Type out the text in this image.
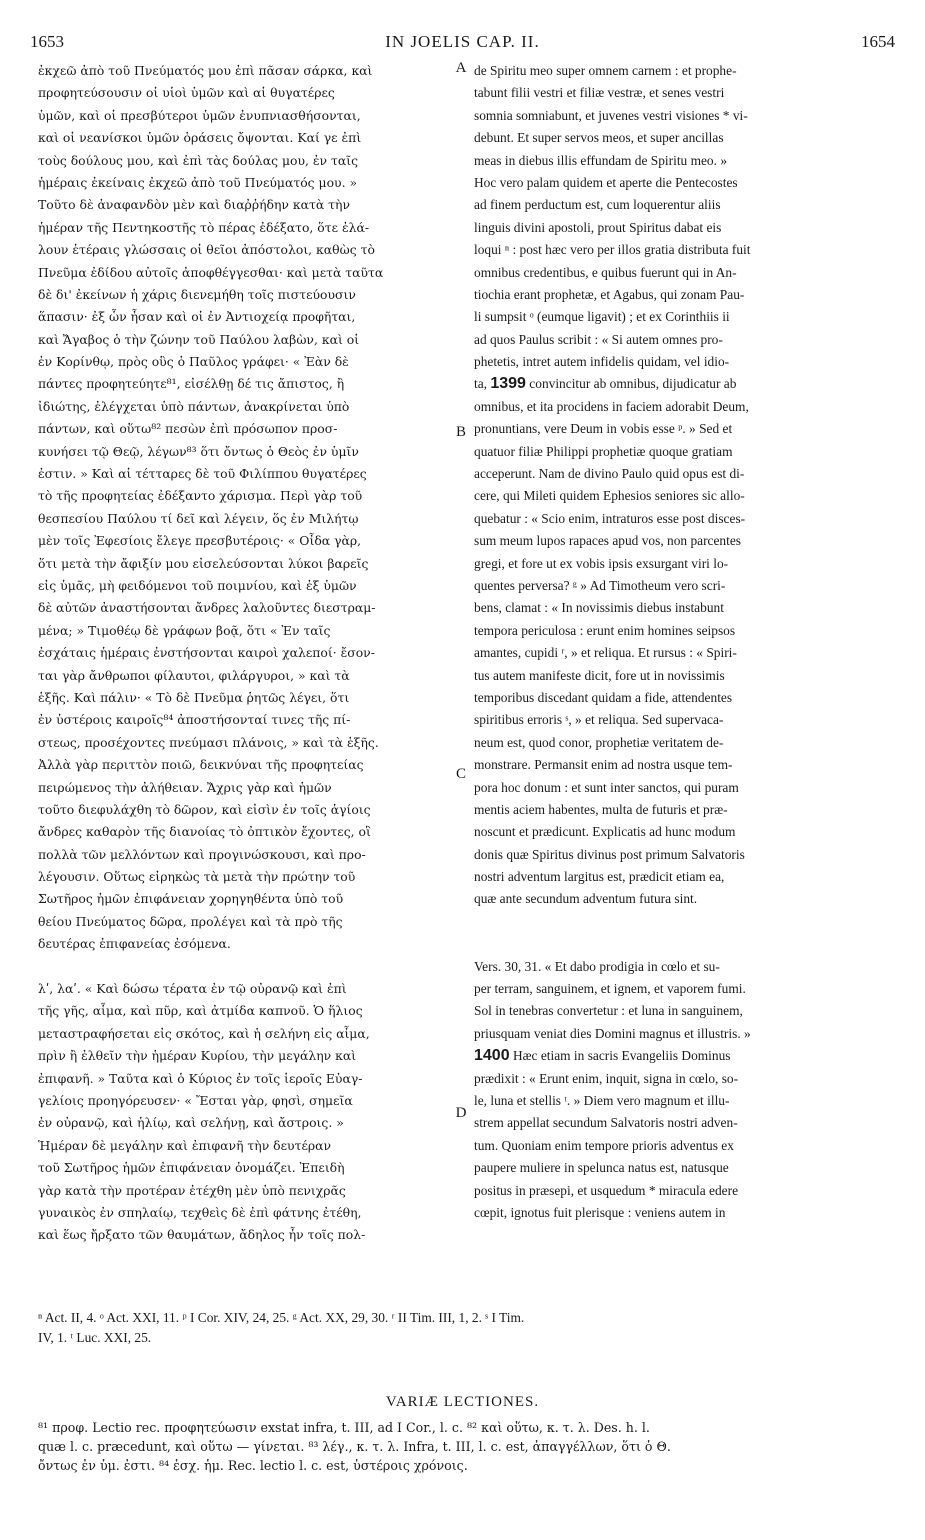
1653	IN JOELIS CAP. II.	1654
ἐκχεῶ ἀπὸ τοῦ Πνεύματός μου ἐπὶ πᾶσαν σάρκα, καὶ
προφητεύσουσιν οἱ υἱοὶ ὑμῶν καὶ αἱ θυγατέρες
ὑμῶν, καὶ οἱ πρεσβύτεροι ὑμῶν ἐνυπνιασθήσονται,
καὶ οἱ νεανίσκοι ὑμῶν ὁράσεις ὄψονται. Καί γε ἐπὶ
τοὺς δούλους μου, καὶ ἐπὶ τὰς δούλας μου, ἐν ταῖς
ἡμέραις ἐκείναις ἐκχεῶ ἀπὸ τοῦ Πνεύματός μου. »
Τοῦτο δὲ ἀναφανδὸν μὲν καὶ διαῤῥήδην κατὰ τὴν
ἡμέραν τῆς Πεντηκοστῆς τὸ πέρας ἐδέξατο, ὅτε ἐλά-
λουν ἑτέραις γλώσσαις οἱ θεῖοι ἀπόστολοι, καθὼς τὸ
Πνεῦμα ἐδίδου αὐτοῖς ἀποφθέγγεσθαι· καὶ μετὰ ταῦτα
δὲ δι' ἐκείνων ἡ χάρις διενεμήθη τοῖς πιστεύουσιν
ἅπασιν· ἐξ ὧν ἦσαν καὶ οἱ ἐν Ἀντιοχείᾳ προφῆται,
καὶ Ἄγαβος ὁ τὴν ζώνην τοῦ Παύλου λαβὼν, καὶ οἱ
ἐν Κορίνθῳ, πρὸς οὓς ὁ Παῦλος γράφει· « Ἐὰν δὲ
πάντες προφητεύητε⁸¹, εἰσέλθῃ δέ τις ἄπιστος, ἢ
ἰδιώτης, ἐλέγχεται ὑπὸ πάντων, ἀνακρίνεται ὑπὸ
πάντων, καὶ οὕτω⁸² πεσὼν ἐπὶ πρόσωπον προσ-
κυνήσει τῷ Θεῷ, λέγων⁸³ ὅτι ὄντως ὁ Θεὸς ἐν ὑμῖν
ἐστιν. » Καὶ αἱ τέτταρες δὲ τοῦ Φιλίππου θυγατέρες
τὸ τῆς προφητείας ἐδέξαντο χάρισμα. Περὶ γὰρ τοῦ
θεσπεσίου Παύλου τί δεῖ καὶ λέγειν, ὅς ἐν Μιλήτῳ
μὲν τοῖς Ἐφεσίοις ἔλεγε πρεσβυτέροις· « Οἶδα γὰρ,
ὅτι μετὰ τὴν ἄφιξίν μου εἰσελεύσονται λύκοι βαρεῖς
εἰς ὑμᾶς, μὴ φειδόμενοι τοῦ ποιμνίου, καὶ ἐξ ὑμῶν
δὲ αὐτῶν ἀναστήσονται ἄνδρες λαλοῦντες διεστραμ-
μένα; » Τιμοθέῳ δὲ γράφων βοᾷ, ὅτι « Ἐν ταῖς
ἐσχάταις ἡμέραις ἐνστήσονται καιροὶ χαλεποί· ἔσον-
ται γὰρ ἄνθρωποι φίλαυτοι, φιλάργυροι, » καὶ τὰ
ἑξῆς. Καὶ πάλιν· « Τὸ δὲ Πνεῦμα ῥητῶς λέγει, ὅτι
ἐν ὑστέροις καιροῖς⁸⁴ ἀποστήσονταί τινες τῆς πί-
στεως, προσέχοντες πνεύμασι πλάνοις, » καὶ τὰ ἑξῆς.
Ἀλλὰ γὰρ περιττὸν ποιῶ, δεικνύναι τῆς προφητείας
πειρώμενος τὴν ἀλήθειαν. Ἄχρις γὰρ καὶ ἡμῶν
τοῦτο διεφυλάχθη τὸ δῶρον, καὶ εἰσὶν ἐν τοῖς ἁγίοις
ἄνδρες καθαρὸν τῆς διανοίας τὸ ὀπτικὸν ἔχοντες, οἳ
πολλὰ τῶν μελλόντων καὶ προγινώσκουσι, καὶ προ-
λέγουσιν. Οὕτως εἰρηκὼς τὰ μετὰ τὴν πρώτην τοῦ
Σωτῆρος ἡμῶν ἐπιφάνειαν χορηγηθέντα ὑπὸ τοῦ
θείου Πνεύματος δῶρα, προλέγει καὶ τὰ πρὸ τῆς
δευτέρας ἐπιφανείας ἐσόμενα.
λʹ, λαʹ. « Καὶ δώσω τέρατα ἐν τῷ οὐρανῷ καὶ ἐπὶ
τῆς γῆς, αἷμα, καὶ πῦρ, καὶ ἀτμίδα καπνοῦ. Ὁ ἥλιος
μεταστραφήσεται εἰς σκότος, καὶ ἡ σελήνη εἰς αἷμα,
πρὶν ἢ ἐλθεῖν τὴν ἡμέραν Κυρίου, τὴν μεγάλην καὶ
ἐπιφανῆ. » Ταῦτα καὶ ὁ Κύριος ἐν τοῖς ἱεροῖς Εὐαγ-
γελίοις προηγόρευσεν· « Ἔσται γὰρ, φησὶ, σημεῖα
ἐν οὐρανῷ, καὶ ἡλίῳ, καὶ σελήνῃ, καὶ ἄστροις. »
Ἡμέραν δὲ μεγάλην καὶ ἐπιφανῆ τὴν δευτέραν
τοῦ Σωτῆρος ἡμῶν ἐπιφάνειαν ὀνομάζει. Ἐπειδὴ
γὰρ κατὰ τὴν προτέραν ἐτέχθη μὲν ὑπὸ πενιχρᾶς
γυναικὸς ἐν σπηλαίῳ, τεχθεὶς δὲ ἐπὶ φάτνης ἐτέθη,
καὶ ἕως ἤρξατο τῶν θαυμάτων, ἄδηλος ἦν τοῖς πολ-
de Spiritu meo super omnem carnem : et prophe-
tabunt filii vestri et filiæ vestræ, et senes vestri
somnia somniabunt, et juvenes vestri visiones * vi-
debunt. Et super servos meos, et super ancillas
meas in diebus illis effundam de Spiritu meo. »
Hoc vero palam quidem et aperte die Pentecostes
ad finem perductum est, cum loquerentur aliis
linguis divini apostoli, prout Spiritus dabat eis
loqui ⁿ : post hæc vero per illos gratia distributa fuit
omnibus credentibus, e quibus fuerunt qui in An-
tiochia erant prophetæ, et Agabus, qui zonam Pau-
li sumpsit ᵒ (eumque ligavit) ; et ex Corinthiis ii
ad quos Paulus scribit : « Si autem omnes pro-
phetetis, intret autem infidelis quidam, vel idio-
ta, 1399 convincitur ab omnibus, dijudicatur ab
omnibus, et ita procidens in faciem adorabit Deum,
pronuntians, vere Deum in vobis esse ᵖ. » Sed et
quatuor filiæ Philippi prophetiæ quoque gratiam
acceperunt. Nam de divino Paulo quid opus est di-
cere, qui Mileti quidem Ephesios seniores sic allo-
quebatur : « Scio enim, intraturos esse post disces-
sum meum lupos rapaces apud vos, non parcentes
gregi, et fore ut ex vobis ipsis exsurgant viri lo-
quentes perversa? ᵍ » Ad Timotheum vero scri-
bens, clamat : « In novissimis diebus instabunt
tempora periculosa : erunt enim homines seipsos
amantes, cupidi ʳ, » et reliqua. Et rursus : « Spiri-
tus autem manifeste dicit, fore ut in novissimis
temporibus discedant quidam a fide, attendentes
spiritibus erroris ˢ, » et reliqua. Sed supervaca-
neum est, quod conor, prophetiæ veritatem de-
monstrare. Permansit enim ad nostra usque tem-
pora hoc donum : et sunt inter sanctos, qui puram
mentis aciem habentes, multa de futuris et præ-
noscunt et prædicunt. Explicatis ad hunc modum
donis quæ Spiritus divinus post primum Salvatoris
nostri adventum largitus est, prædicit etiam ea,
quæ ante secundum adventum futura sint.
Vers. 30, 31. « Et dabo prodigia in cœlo et su-
per terram, sanguinem, et ignem, et vaporem fumi.
Sol in tenebras convertetur : et luna in sanguinem,
priusquam veniat dies Domini magnus et illustris. »
1400 Hæc etiam in sacris Evangeliis Dominus
prædixit : « Erunt enim, inquit, signa in cœlo, so-
le, luna et stellis ᵗ. » Diem vero magnum et illu-
strem appellat secundum Salvatoris nostri adven-
tum. Quoniam enim tempore prioris adventus ex
paupere muliere in spelunca natus est, natusque
positus in præsepi, et usquedum * miracula edere
cœpit, ignotus fuit plerisque : veniens autem in
A
B
C
D
ⁿ Act. II, 4. ᵒ Act. XXI, 11. ᵖ I Cor. XIV, 24, 25. ᵍ Act. XX, 29, 30. ʳ II Tim. III, 1, 2. ˢ I Tim.
IV, 1. ᵗ Luc. XXI, 25.
VARIÆ LECTIONES.
⁸¹ προφ. Lectio rec. προφητεύωσιν exstat infra, t. III, ad I Cor., l. c. ⁸² καὶ οὕτω, κ. τ. λ. Des. h. l.
quæ l. c. præcedunt, καὶ οὕτω — γίνεται. ⁸³ λέγ., κ. τ. λ. Infra, t. III, l. c. est, ἀπαγγέλλων, ὅτι ὁ Θ.
ὄντως ἐν ὑμ. ἐστι. ⁸⁴ ἐσχ. ἡμ. Rec. lectio l. c. est, ὑστέροις χρόνοις.
